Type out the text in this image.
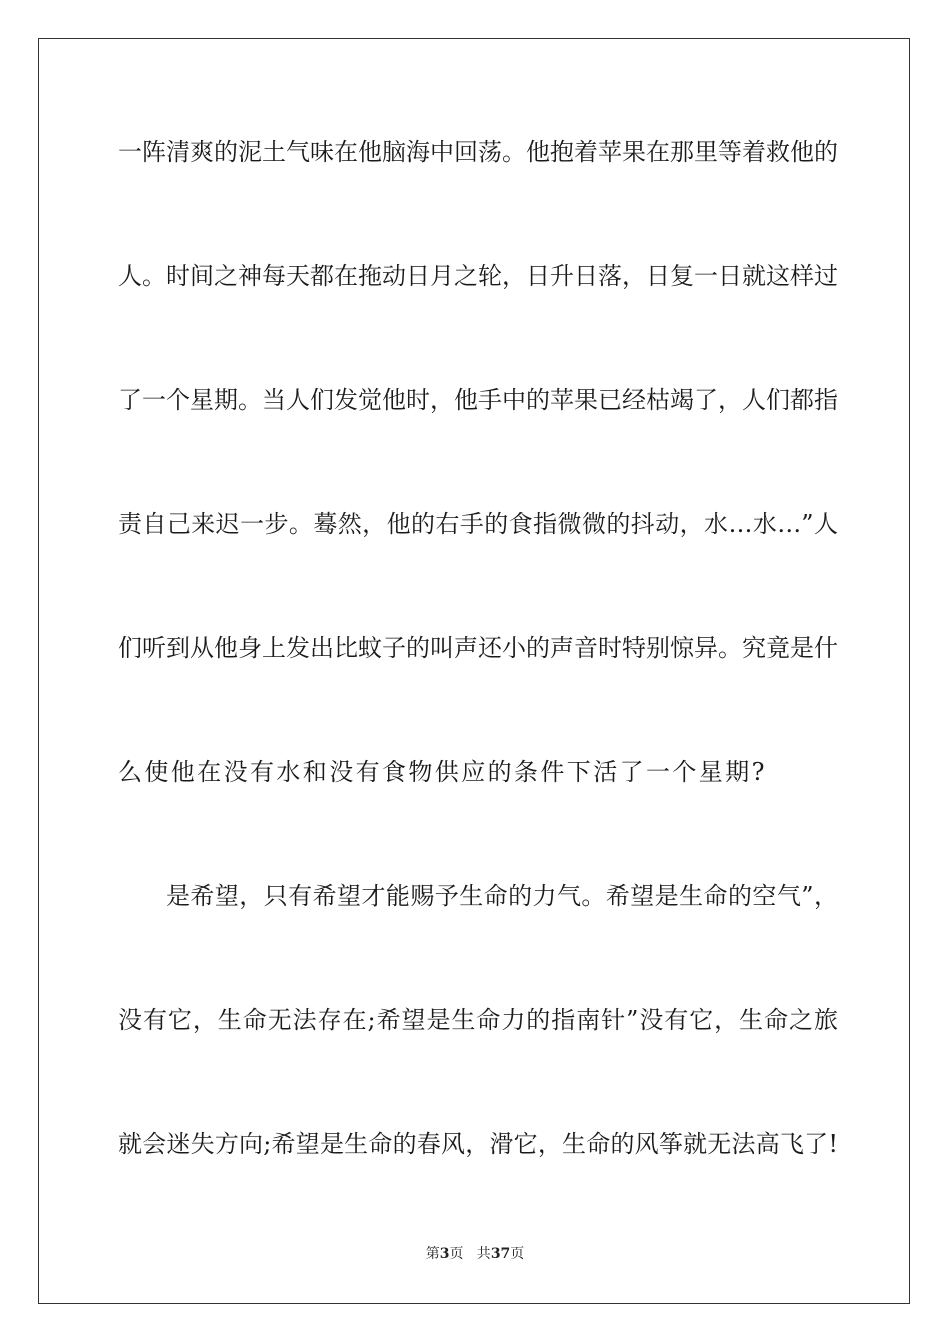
一阵清爽的泥土气味在他脑海中回荡。他抱着苹果在那里等着救他的
人。时间之神每天都在拖动日月之轮，日升日落，日复一日就这样过
了一个星期。当人们发觉他时，他手中的苹果已经枯竭了，人们都指
责自己来迟一步。蓦然，他的右手的食指微微的抖动，水…水…”人
们听到从他身上发出比蚊子的叫声还小的声音时特别惊异。究竟是什
么使他在没有水和没有食物供应的条件下活了一个星期?
是希望，只有希望才能赐予生命的力气。希望是生命的空气”，
没有它，生命无法存在;希望是生命力的指南针”没有它，生命之旅
就会迷失方向;希望是生命的春风，滑它，生命的风筝就无法高飞了!
第3页   共37页
